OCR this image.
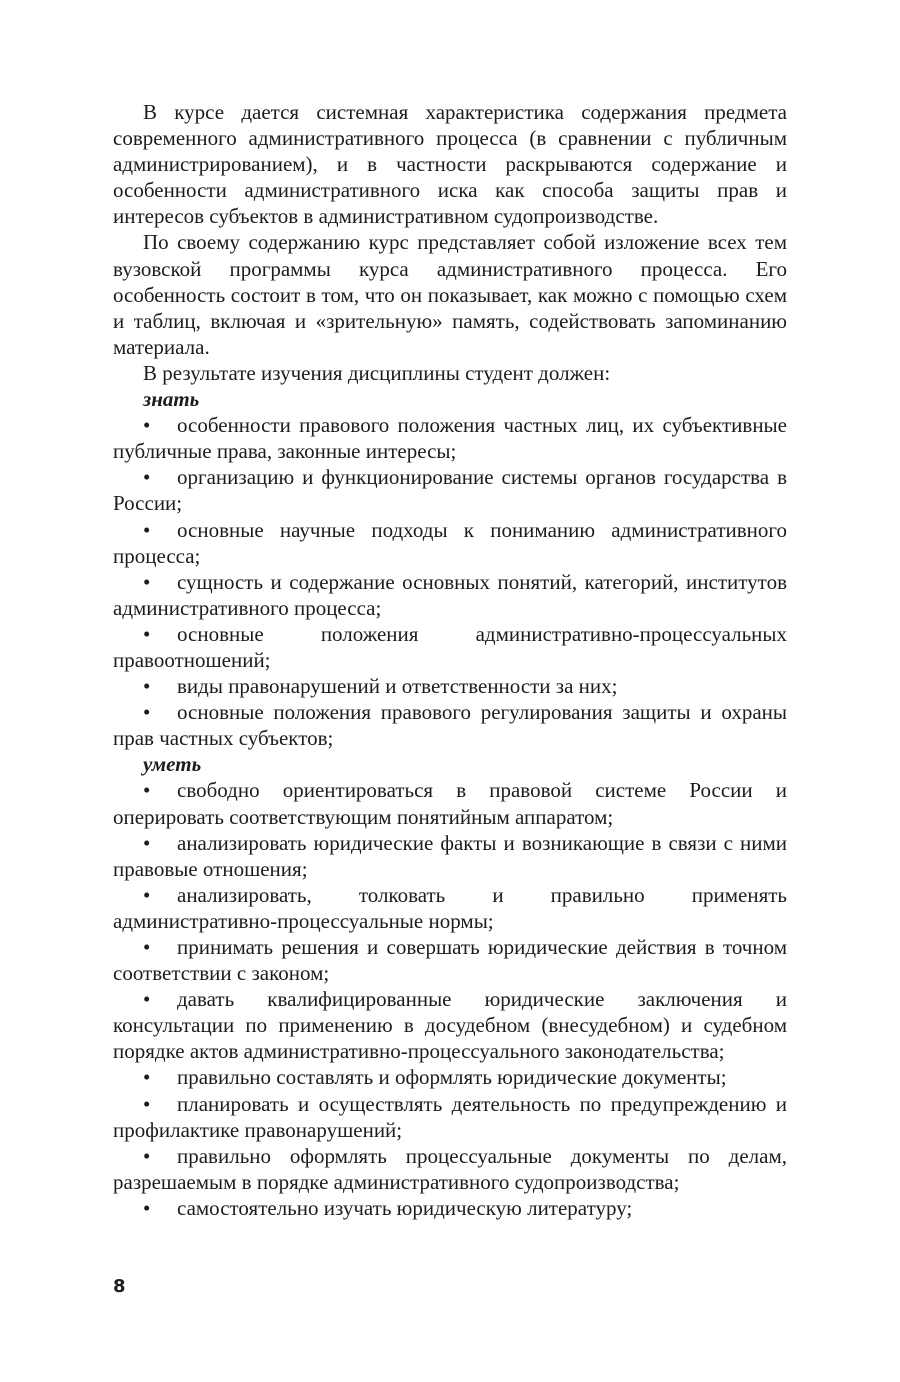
В курсе дается системная характеристика содержания предмета современного административного процесса (в сравнении с публичным администрированием), и в частности раскрываются содержание и особенности административного иска как способа защиты прав и интересов субъектов в административном судопроизводстве.

По своему содержанию курс представляет собой изложение всех тем вузовской программы курса административного процесса. Его особенность состоит в том, что он показывает, как можно с помощью схем и таблиц, включая и «зрительную» память, содействовать запоминанию материала.

В результате изучения дисциплины студент должен:

знать
• особенности правового положения частных лиц, их субъективные публичные права, законные интересы;
• организацию и функционирование системы органов государства в России;
• основные научные подходы к пониманию административного процесса;
• сущность и содержание основных понятий, категорий, институтов административного процесса;
• основные положения административно-процессуальных правоотношений;
• виды правонарушений и ответственности за них;
• основные положения правового регулирования защиты и охраны прав частных субъектов;
уметь
• свободно ориентироваться в правовой системе России и оперировать соответствующим понятийным аппаратом;
• анализировать юридические факты и возникающие в связи с ними правовые отношения;
• анализировать, толковать и правильно применять административно-процессуальные нормы;
• принимать решения и совершать юридические действия в точном соответствии с законом;
• давать квалифицированные юридические заключения и консультации по применению в досудебном (внесудебном) и судебном порядке актов административно-процессуального законодательства;
• правильно составлять и оформлять юридические документы;
• планировать и осуществлять деятельность по предупреждению и профилактике правонарушений;
• правильно оформлять процессуальные документы по делам, разрешаемым в порядке административного судопроизводства;
• самостоятельно изучать юридическую литературу;
8
